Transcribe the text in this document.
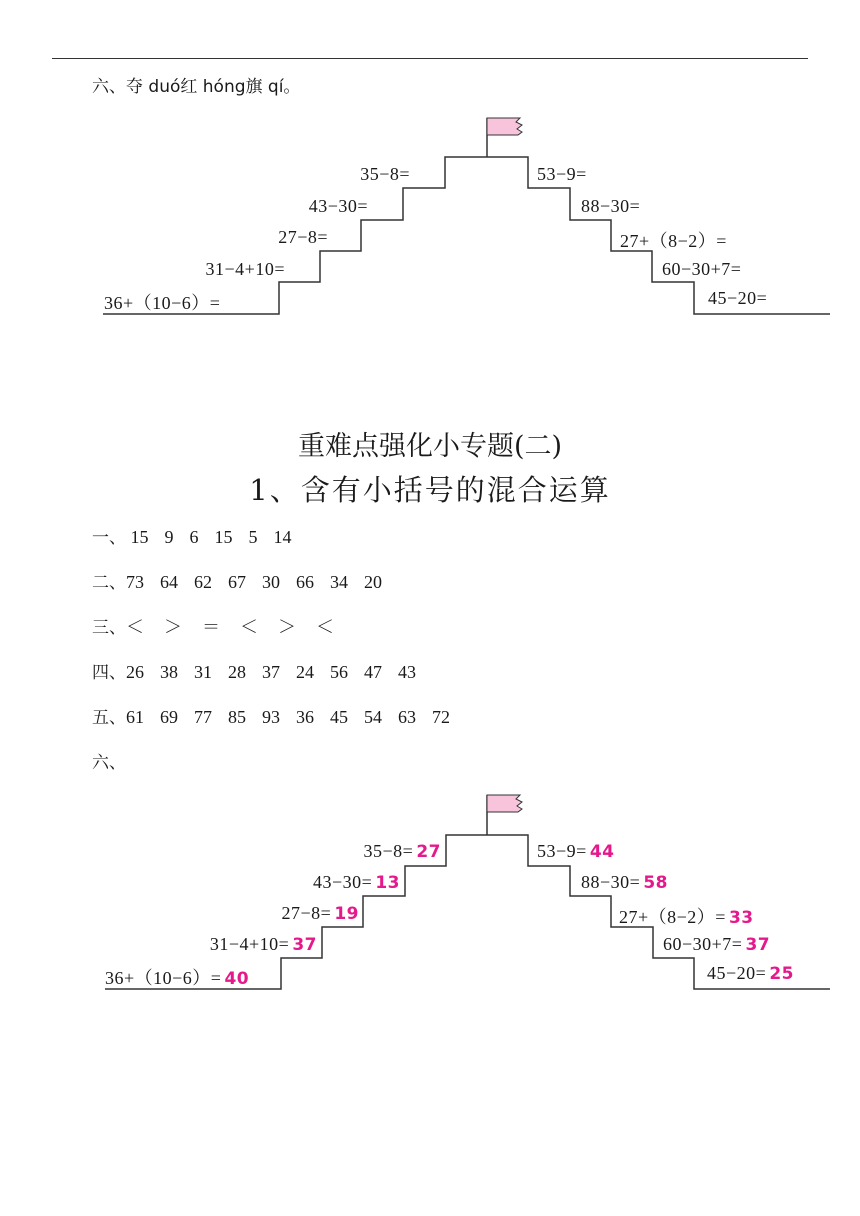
六、夺 duó红 hóng旗 qí。
35−8=
43−30=
27−8=
31−4+10=
36+（10−6）=
53−9=
88−30=
27+（8−2）=
60−30+7=
45−20=
重难点强化小专题(二)
1、含有小括号的混合运算
一、 15 9 6 15 5 14
二、73 64 62 67 30 66 34 20
三、＜ ＞ ＝ ＜ ＞ ＜
四、26 38 31 28 37 24 56 47 43
五、61 69 77 85 93 36 45 54 63 72
六、
35−8= 27
43−30= 13
27−8= 19
31−4+10= 37
36+（10−6）= 40
53−9= 44
88−30= 58
27+（8−2）= 33
60−30+7= 37
45−20= 25
